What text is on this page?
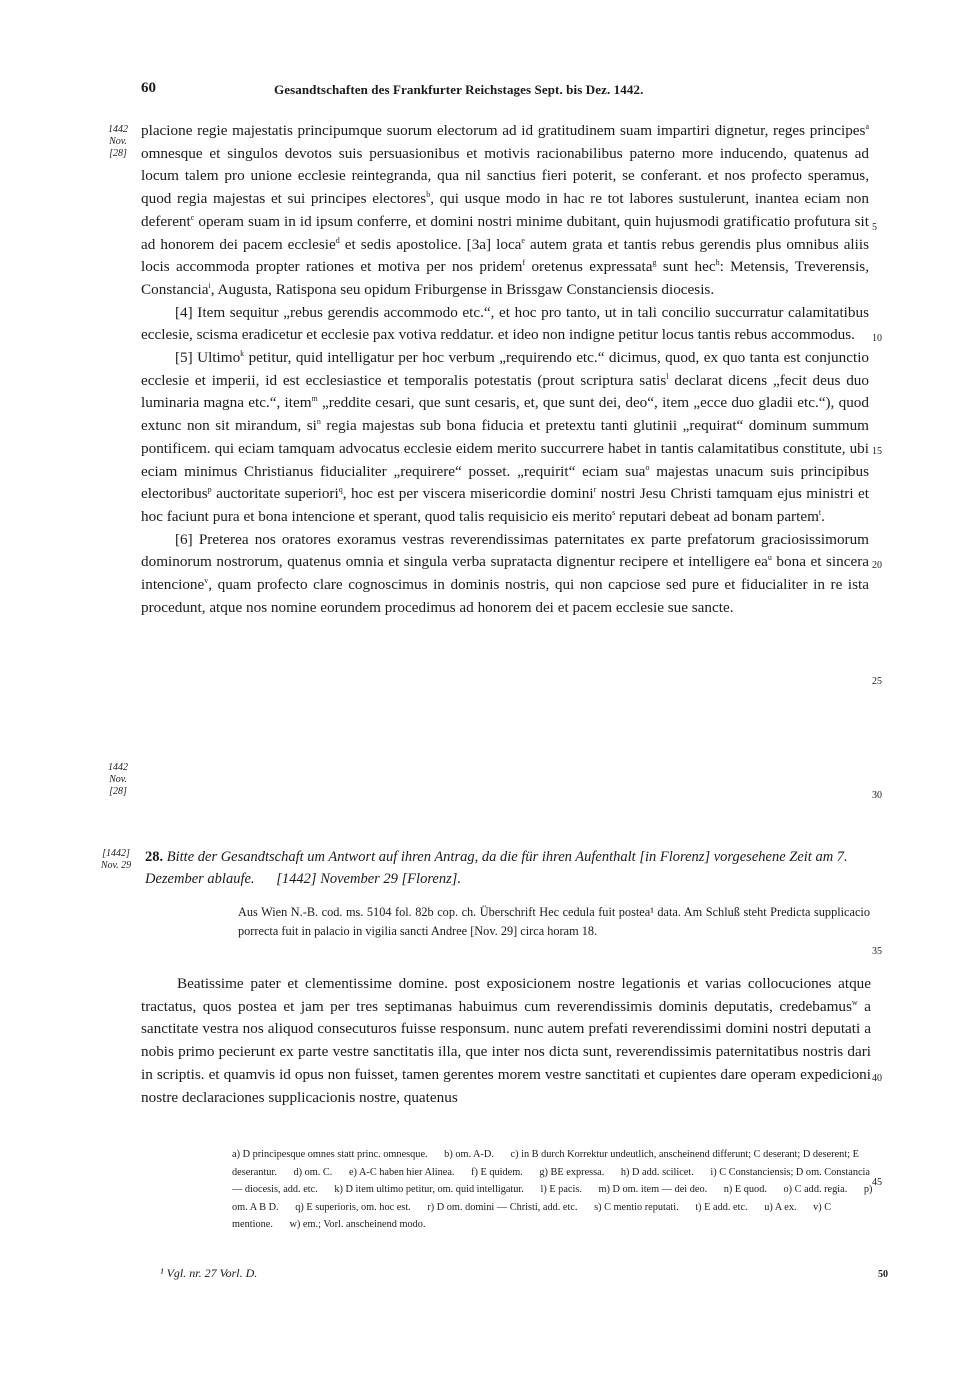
60	Gesandtschaften des Frankfurter Reichstages Sept. bis Dez. 1442.
1442
Nov.
[28]
1442
Nov.
[28]
[1442]
Nov. 29
5
10
15
20
25
30
35
40
45

placione regie majestatis principumque suorum electorum ad id gratitudinem suam impartiri dignetur, reges principes$^a$ omnesque et singulos devotos suis persuasionibus et motivis racionabilibus paterno more inducendo, quatenus ad locum talem pro unione ecclesie reintegranda, qua nil sanctius fieri poterit, se conferant. et nos profecto speramus, quod regia majestas et sui principes electores$^b$, qui usque modo in hac re tot labores sustulerunt, inantea eciam non deferent$^c$ operam suam in id ipsum conferre, et domini nostri minime dubitant, quin hujusmodi gratificatio profutura sit ad honorem dei pacem ecclesie$^d$ et sedis apostolice. [3a] loca$^e$ autem grata et tantis rebus gerendis plus omnibus aliis locis accommoda propter rationes et motiva per nos pridem$^f$ oretenus expressata$^g$ sunt hec$^h$: Metensis, Treverensis, Constancia$^i$, Augusta, Ratispona seu opidum Friburgense in Brissgaw Constanciensis diocesis.

[4] Item sequitur „rebus gerendis accommodo etc.“, et hoc pro tanto, ut in tali concilio succurratur calamitatibus ecclesie, scisma eradicetur et ecclesie pax votiva reddatur. et ideo non indigne petitur locus tantis rebus accommodus.

[5] Ultimo$^k$ petitur, quid intelligatur per hoc verbum „requirendo etc.“ dicimus, quod, ex quo tanta est conjunctio ecclesie et imperii, id est ecclesiastice et temporalis potestatis (prout scriptura satis$^l$ declarat dicens „fecit deus duo luminaria magna etc.“, item$^m$ „reddite cesari, que sunt cesaris, et, que sunt dei, deo“, item „ecce duo gladii etc.“), quod extunc non sit mirandum, $si^n$ regia majestas sub bona fiducia et pretextu tanti glutinii „requirat“ dominum summum pontificem. qui eciam tamquam advocatus ecclesie eidem merito succurrere habet in tantis calamitatibus constitute, ubi eciam minimus Christianus fiducialiter „requirere“ posset. „requirit“ eciam sua$^o$ majestas unacum suis principibus electoribus$^p$ auctoritate superiori$^q$, hoc est per viscera misericordie domini$^r$ nostri Jesu Christi tamquam ejus ministri et hoc faciunt pura et bona intencione et sperant, quod talis requisicio eis merito$^s$ reputari debeat ad bonam partem$^t$.

[6] Preterea nos oratores exoramus vestras reverendissimas paternitates ex parte prefatorum graciosissimorum dominorum nostrorum, quatenus omnia et singula verba supratacta dignentur recipere et intelligere $ea^u$ bona et sincera intencione$^v$, quam profecto clare cognoscimus in dominis nostris, qui non capciose sed pure et fiducialiter in re ista procedunt, atque nos nomine eorundem procedimus ad honorem dei et pacem ecclesie sue sancte.

28. Bitte der Gesandtschaft um Antwort auf ihren Antrag, da die für ihren Aufenthalt [in Florenz] vorgesehene Zeit am 7. Dezember ablaufe. [1442] November 29 [Florenz].
Aus Wien N.-B. cod. ms. 5104 fol. 82b cop. ch. Überschrift Hec cedula fuit postea¹ data. Am Schluß steht Predicta supplicacio porrecta fuit in palacio in vigilia sancti Andree [Nov. 29] circa horam 18.

Beatissime pater et clementissime domine. post exposicionem nostre legationis et varias collocuciones atque tractatus, quos postea et jam per tres septimanas habuimus cum reverendissimis dominis deputatis, credebamus$^w$ a sanctitate vestra nos aliquod consecuturos fuisse responsum. nunc autem prefati reverendissimi domini nostri deputati a nobis primo pecierunt ex parte vestre sanctitatis illa, que inter nos dicta sunt, reverendissimis paternitatibus nostris dari in scriptis. et quamvis id opus non fuisset, tamen gerentes morem vestre sanctitati et cupientes dare operam expedicioni nostre declaraciones supplicacionis nostre, quatenus

a) D principesque omnes statt princ. omnesque. b) om. A-D. c) in B durch Korrektur undeutlich, anscheinend differunt; C deserant; D deserent; E deserantur. d) om. C. e) A-C haben hier Alinea. f) E quidem. g) BE expressa. h) D add. scilicet. i) C Constanciensis; D om. Constancia — diocesis, add. etc. k) D item ultimo petitur, om. quid intelligatur. l) E pacis. m) D om. item — dei deo. n) E quod. o) C add. regia. p) om. A B D. q) E superioris, om. hoc est. r) D om. domini — Christi, add. etc. s) C mentio reputati. t) E add. etc. u) A ex. v) C mentione. w) em.; Vorl. anscheinend modo.
¹ Vgl. nr. 27 Vorl. D.	50
